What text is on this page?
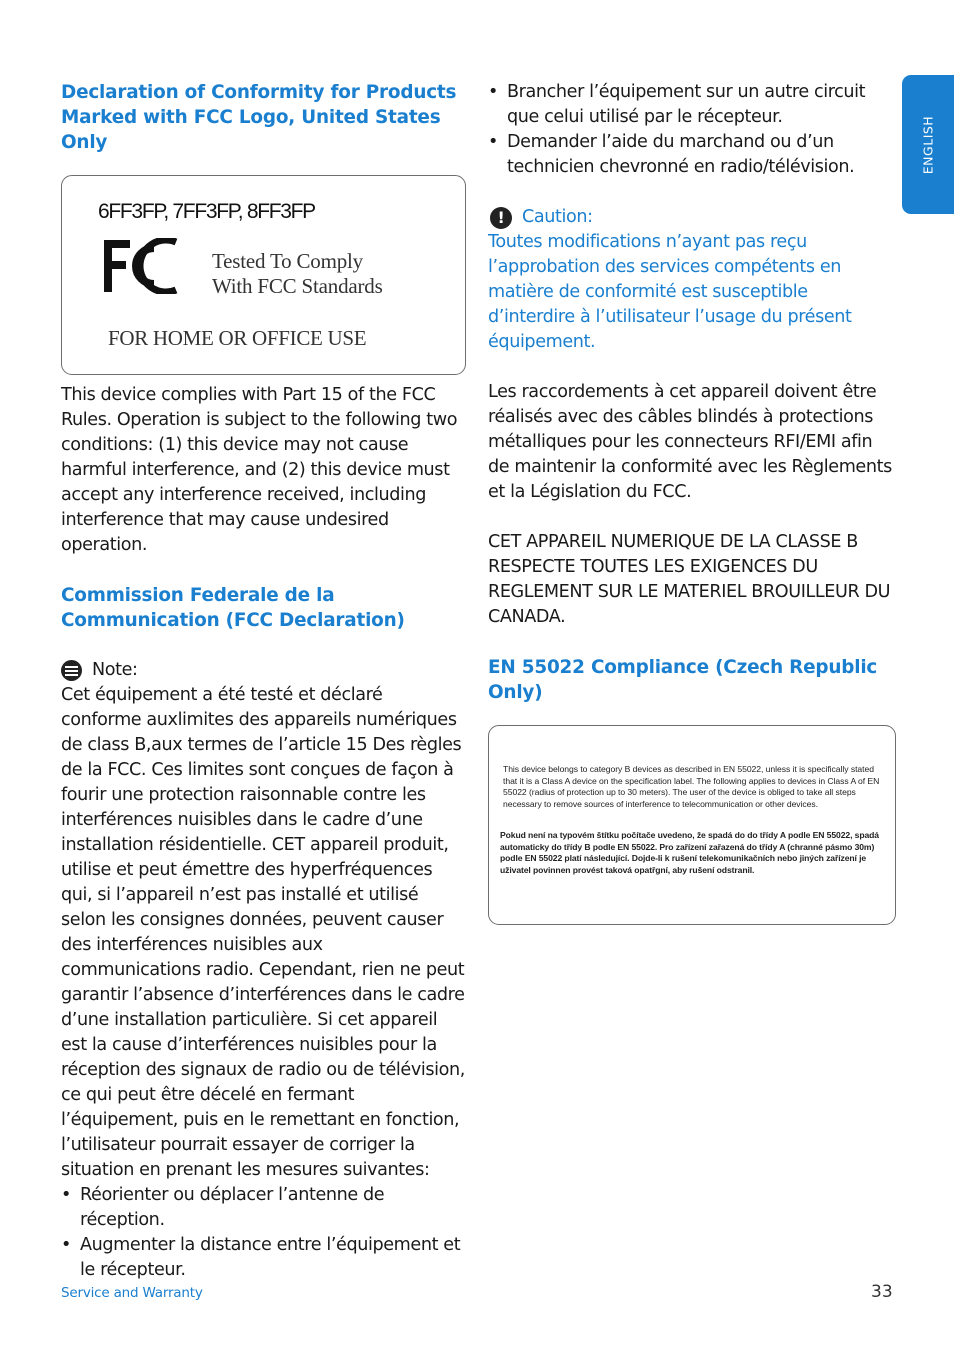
ENGLISH
Declaration of Conformity for Products Marked with FCC Logo, United States Only
6FF3FP, 7FF3FP, 8FF3FP
Tested To Comply
With FCC Standards
FOR HOME OR OFFICE USE

This device complies with Part 15 of the FCC Rules. Operation is subject to the following two conditions: (1) this device may not cause harmful interference, and (2) this device must accept any interference received, including interference that may cause undesired operation.

Commission Federale de la Communication (FCC Declaration)
Note:

Cet équipement a été testé et déclaré conforme auxlimites des appareils numériques de class B,aux termes de l’article 15 Des règles de la FCC. Ces limites sont conçues de façon à fourir une protection raisonnable contre les interférences nuisibles dans le cadre d’une installation résidentielle. CET appareil produit, utilise et peut émettre des hyperfréquences qui, si l’appareil n’est pas installé et utilisé selon les consignes données, peuvent causer des interférences nuisibles aux communications radio. Cependant, rien ne peut garantir l’absence d’interférences dans le cadre d’une installation particulière. Si cet appareil est la cause d’interférences nuisibles pour la réception des signaux de radio ou de télévision, ce qui peut être décelé en fermant l’équipement, puis en le remettant en fonction, l’utilisateur pourrait essayer de corriger la situation en prenant les mesures suivantes:

• Réorienter ou déplacer l’antenne de réception.
• Augmenter la distance entre l’équipement et le récepteur.
• Brancher l’équipement sur un autre circuit que celui utilisé par le récepteur.
• Demander l’aide du marchand ou d’un technicien chevronné en radio/télévision.
! Caution:

Toutes modifications n’ayant pas reçu l’approbation des services compétents en matière de conformité est susceptible d’interdire à l’utilisateur l’usage du présent équipement.

Les raccordements à cet appareil doivent être réalisés avec des câbles blindés à protections métalliques pour les connecteurs RFI/EMI afin de maintenir la conformité avec les Règlements et la Législation du FCC.

CET APPAREIL NUMERIQUE DE LA CLASSE B RESPECTE TOUTES LES EXIGENCES DU REGLEMENT SUR LE MATERIEL BROUILLEUR DU CANADA.

EN 55022 Compliance (Czech Republic Only)
This device belongs to category B devices as described in EN 55022, unless it is specifically stated that it is a Class A device on the specification label. The following applies to devices in Class A of EN 55022 (radius of protection up to 30 meters). The user of the device is obliged to take all steps necessary to remove sources of interference to telecommunication or other devices.
Pokud není na typovém štítku počítače uvedeno, že spadá do do třídy A podle EN 55022, spadá automaticky do třídy B podle EN 55022. Pro zařízení zařazená do třídy A (chranné pásmo 30m) podle EN 55022 platí následující. Dojde-li k rušení telekomunikačních nebo jiných zařízení je uživatel povinnen provést taková opatřgní, aby rušení odstranil.
Service and Warranty	33
